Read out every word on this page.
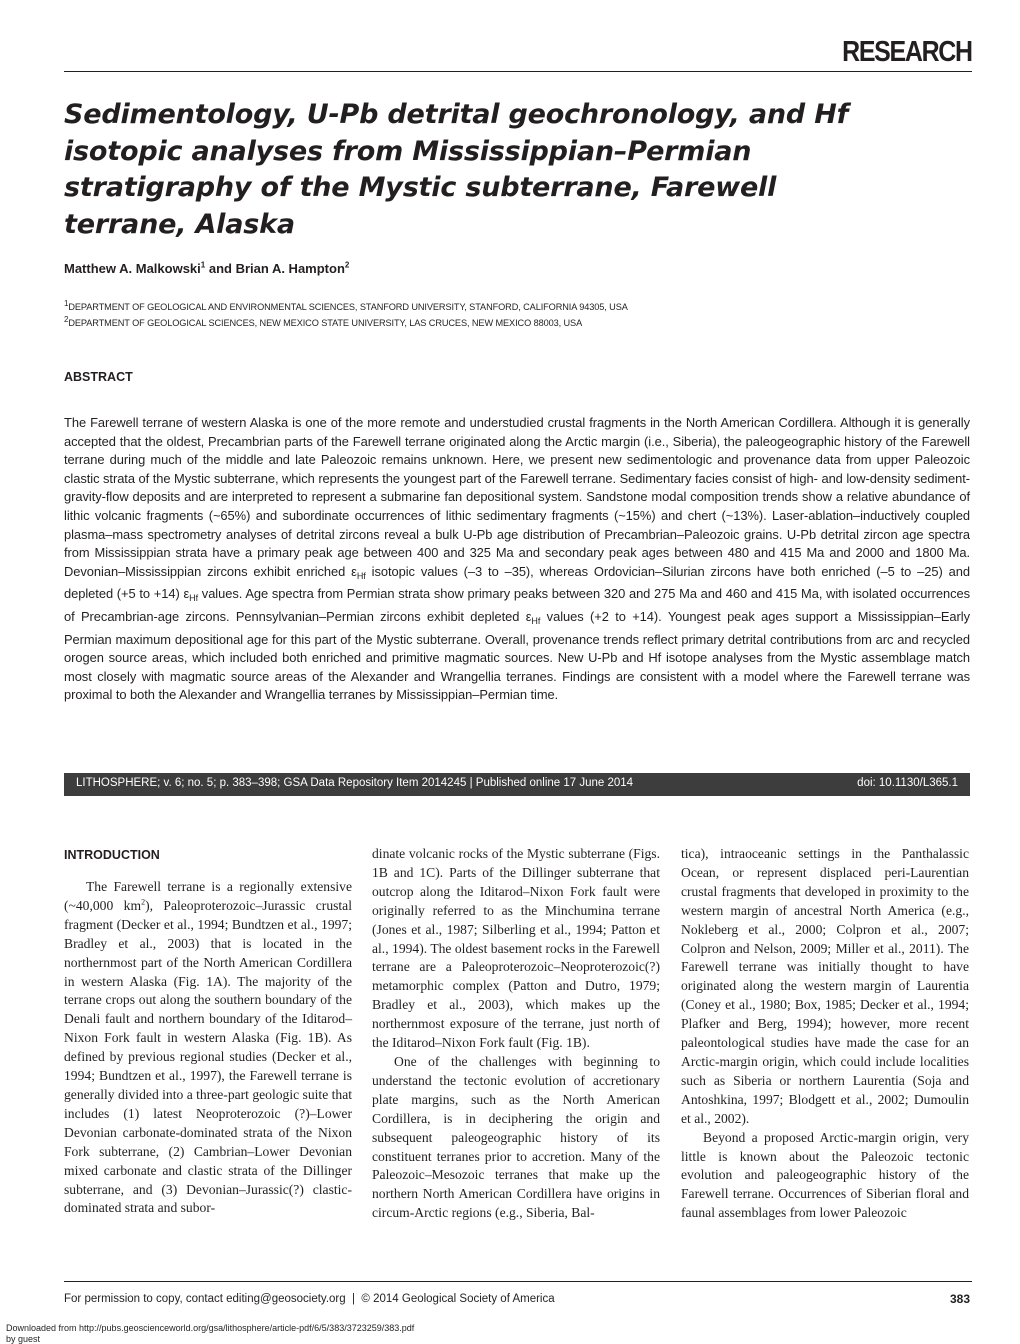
RESEARCH
Sedimentology, U-Pb detrital geochronology, and Hf isotopic analyses from Mississippian–Permian stratigraphy of the Mystic subterrane, Farewell terrane, Alaska
Matthew A. Malkowski$^1$ and Brian A. Hampton$^2$
$^1$DEPARTMENT OF GEOLOGICAL AND ENVIRONMENTAL SCIENCES, STANFORD UNIVERSITY, STANFORD, CALIFORNIA 94305, USA
$^2$DEPARTMENT OF GEOLOGICAL SCIENCES, NEW MEXICO STATE UNIVERSITY, LAS CRUCES, NEW MEXICO 88003, USA
ABSTRACT

The Farewell terrane of western Alaska is one of the more remote and understudied crustal fragments in the North American Cordillera. Although it is generally accepted that the oldest, Precambrian parts of the Farewell terrane originated along the Arctic margin (i.e., Siberia), the paleogeographic history of the Farewell terrane during much of the middle and late Paleozoic remains unknown. Here, we present new sedimentologic and provenance data from upper Paleozoic clastic strata of the Mystic subterrane, which represents the youngest part of the Farewell terrane. Sedimentary facies consist of high- and low-density sediment-gravity-flow deposits and are interpreted to represent a submarine fan depositional system. Sandstone modal composition trends show a relative abundance of lithic volcanic fragments (~65%) and subordinate occurrences of lithic sedimentary fragments (~15%) and chert (~13%). Laser-ablation–inductively coupled plasma–mass spectrometry analyses of detrital zircons reveal a bulk U-Pb age distribution of Precambrian–Paleozoic grains. U-Pb detrital zircon age spectra from Mississippian strata have a primary peak age between 400 and 325 Ma and secondary peak ages between 480 and 415 Ma and 2000 and 1800 Ma. Devonian–Mississippian zircons exhibit enriched $\varepsilon_{Hf}$ isotopic values (–3 to –35), whereas Ordovician–Silurian zircons have both enriched (–5 to –25) and depleted (+5 to +14) $\varepsilon_{Hf}$ values. Age spectra from Permian strata show primary peaks between 320 and 275 Ma and 460 and 415 Ma, with isolated occurrences of Precambrian-age zircons. Pennsylvanian–Permian zircons exhibit depleted $\varepsilon_{Hf}$ values (+2 to +14). Youngest peak ages support a Mississippian–Early Permian maximum depositional age for this part of the Mystic subterrane. Overall, provenance trends reflect primary detrital contributions from arc and recycled orogen source areas, which included both enriched and primitive magmatic sources. New U-Pb and Hf isotope analyses from the Mystic assemblage match most closely with magmatic source areas of the Alexander and Wrangellia terranes. Findings are consistent with a model where the Farewell terrane was proximal to both the Alexander and Wrangellia terranes by Mississippian–Permian time.

LITHOSPHERE; v. 6; no. 5; p. 383–398; GSA Data Repository Item 2014245 | Published online 17 June 2014	doi: 10.1130/L365.1
INTRODUCTION

The Farewell terrane is a regionally extensive (~40,000 $km^2$), Paleoproterozoic–Jurassic crustal fragment (Decker et al., 1994; Bundtzen et al., 1997; Bradley et al., 2003) that is located in the northernmost part of the North American Cordillera in western Alaska (Fig. 1A). The majority of the terrane crops out along the southern boundary of the Denali fault and northern boundary of the Iditarod–Nixon Fork fault in western Alaska (Fig. 1B). As defined by previous regional studies (Decker et al., 1994; Bundtzen et al., 1997), the Farewell terrane is generally divided into a three-part geologic suite that includes (1) latest Neoproterozoic (?)–Lower Devonian carbonate-dominated strata of the Nixon Fork subterrane, (2) Cambrian–Lower Devonian mixed carbonate and clastic strata of the Dillinger subterrane, and (3) Devonian–Jurassic(?) clastic-dominated strata and subor-

dinate volcanic rocks of the Mystic subterrane (Figs. 1B and 1C). Parts of the Dillinger subterrane that outcrop along the Iditarod–Nixon Fork fault were originally referred to as the Minchumina terrane (Jones et al., 1987; Silberling et al., 1994; Patton et al., 1994). The oldest basement rocks in the Farewell terrane are a Paleoproterozoic–Neoproterozoic(?) metamorphic complex (Patton and Dutro, 1979; Bradley et al., 2003), which makes up the northernmost exposure of the terrane, just north of the Iditarod–Nixon Fork fault (Fig. 1B).

One of the challenges with beginning to understand the tectonic evolution of accretionary plate margins, such as the North American Cordillera, is in deciphering the origin and subsequent paleogeographic history of its constituent terranes prior to accretion. Many of the Paleozoic–Mesozoic terranes that make up the northern North American Cordillera have origins in circum-Arctic regions (e.g., Siberia, Bal-

tica), intraoceanic settings in the Panthalassic Ocean, or represent displaced peri-Laurentian crustal fragments that developed in proximity to the western margin of ancestral North America (e.g., Nokleberg et al., 2000; Colpron et al., 2007; Colpron and Nelson, 2009; Miller et al., 2011). The Farewell terrane was initially thought to have originated along the western margin of Laurentia (Coney et al., 1980; Box, 1985; Decker et al., 1994; Plafker and Berg, 1994); however, more recent paleontological studies have made the case for an Arctic-margin origin, which could include localities such as Siberia or northern Laurentia (Soja and Antoshkina, 1997; Blodgett et al., 2002; Dumoulin et al., 2002).

Beyond a proposed Arctic-margin origin, very little is known about the Paleozoic tectonic evolution and paleogeographic history of the Farewell terrane. Occurrences of Siberian floral and faunal assemblages from lower Paleozoic

For permission to copy, contact editing@geosociety.org | © 2014 Geological Society of America	383
Downloaded from http://pubs.geoscienceworld.org/gsa/lithosphere/article-pdf/6/5/383/3723259/383.pdf
by guest
